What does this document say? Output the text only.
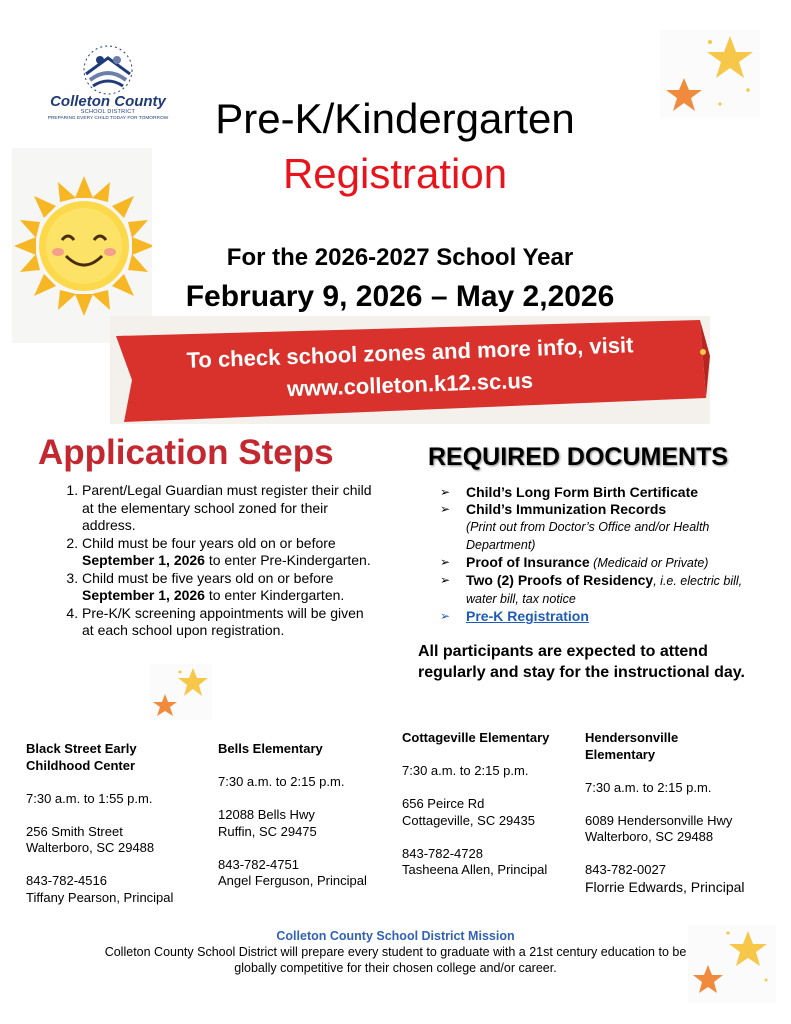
Colleton County
SCHOOL DISTRICT
PREPARING EVERY CHILD TODAY FOR TOMORROW	Pre-K/Kindergarten
Registration
For the 2026-2027 School Year
February 9, 2026 – May 2,2026
To check school zones and more info, visit
www.colleton.k12.sc.us
Application Steps
1. Parent/Legal Guardian must register their child at the elementary school zoned for their address.
2. Child must be four years old on or before September 1, 2026 to enter Pre-Kindergarten.
3. Child must be five years old on or before September 1, 2026 to enter Kindergarten.
4. Pre-K/K screening appointments will be given at each school upon registration.
REQUIRED DOCUMENTS
➢ Child’s Long Form Birth Certificate
➢ Child’s Immunization Records
(Print out from Doctor’s Office and/or Health Department)
➢ Proof of Insurance (Medicaid or Private)
➢ Two (2) Proofs of Residency, i.e. electric bill, water bill, tax notice
➢ Pre-K Registration
All participants are expected to attend regularly and stay for the instructional day.
Black Street Early Childhood Center
7:30 a.m. to 1:55 p.m.
256 Smith Street
Walterboro, SC 29488
843-782-4516
Tiffany Pearson, Principal
Bells Elementary
7:30 a.m. to 2:15 p.m.
12088 Bells Hwy
Ruffin, SC 29475
843-782-4751
Angel Ferguson, Principal
Cottageville Elementary
7:30 a.m. to 2:15 p.m.
656 Peirce Rd
Cottageville, SC 29435
843-782-4728
Tasheena Allen, Principal
Hendersonville Elementary
7:30 a.m. to 2:15 p.m.
6089 Hendersonville Hwy
Walterboro, SC 29488
843-782-0027
Florrie Edwards, Principal
Colleton County School District Mission
Colleton County School District will prepare every student to graduate with a 21st century education to be globally competitive for their chosen college and/or career.
